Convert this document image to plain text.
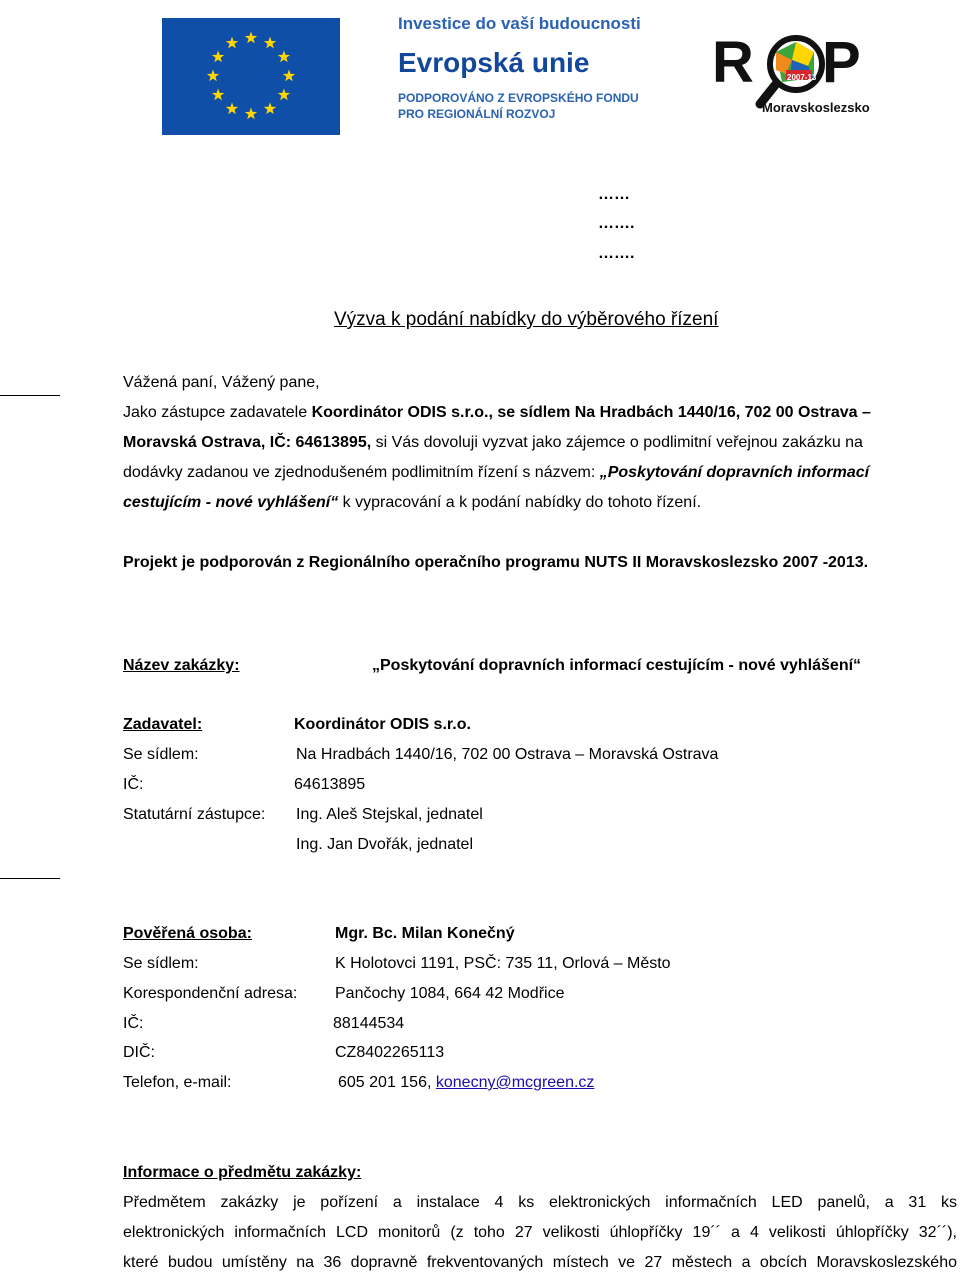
Investice do vaší budoucnosti
Evropská unie
PODPOROVÁNO Z EVROPSKÉHO FONDU
PRO REGIONÁLNÍ ROZVOJ
R P
2007-13
Moravskoslezsko
……
…….
…….
Výzva k podání nabídky do výběrového řízení
Vážená paní, Vážený pane,
Jako zástupce zadavatele Koordinátor ODIS s.r.o., se sídlem Na Hradbách 1440/16, 702 00 Ostrava –
Moravská Ostrava, IČ: 64613895, si Vás dovoluji vyzvat jako zájemce o podlimitní veřejnou zakázku na
dodávky zadanou ve zjednodušeném podlimitním řízení s názvem: „Poskytování dopravních informací
cestujícím - nové vyhlášení“ k vypracování a k podání nabídky do tohoto řízení.
Projekt je podporován z Regionálního operačního programu NUTS II Moravskoslezsko 2007 -2013.
Název zakázky:	„Poskytování dopravních informací cestujícím - nové vyhlášení“
Zadavatel:	Koordinátor ODIS s.r.o.
Se sídlem:	Na Hradbách 1440/16, 702 00 Ostrava – Moravská Ostrava
IČ:	64613895
Statutární zástupce: Ing. Aleš Stejskal, jednatel
Ing. Jan Dvořák, jednatel
Pověřená osoba:	Mgr. Bc. Milan Konečný
Se sídlem:	K Holotovci 1191, PSČ: 735 11, Orlová – Město
Korespondenční adresa: Pančochy 1084, 664 42 Modřice
IČ:	88144534
DIČ:	CZ8402265113
Telefon, e-mail:	605 201 156, konecny@mcgreen.cz
Informace o předmětu zakázky:
Předmětem zakázky je pořízení a instalace 4 ks elektronických informačních LED panelů, a 31 ks
elektronických informačních LCD monitorů (z toho 27 velikosti úhlopříčky 19´´ a 4 velikosti úhlopříčky 32´´),
které budou umístěny na 36 dopravně frekventovaných místech ve 27 městech a obcích Moravskoslezského
